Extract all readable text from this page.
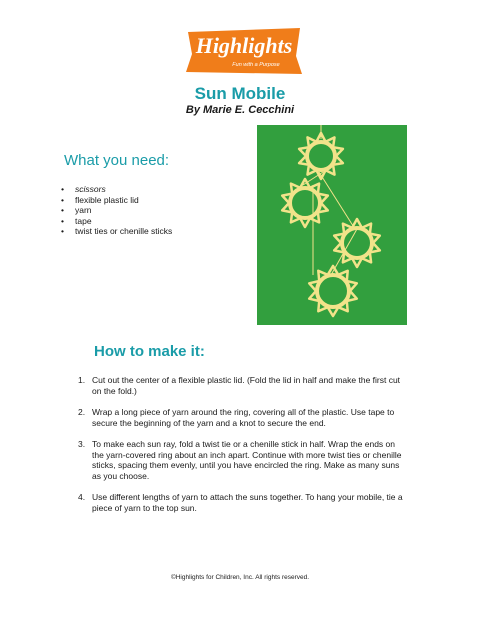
Highlights
Fun with a Purpose
Sun Mobile

By Marie E. Cecchini

What you need:
• scissors
• flexible plastic lid
• yarn
• tape
• twist ties or chenille sticks
How to make it:
1. Cut out the center of a flexible plastic lid. (Fold the lid in half and make the first cut on the fold.)
2. Wrap a long piece of yarn around the ring, covering all of the plastic. Use tape to secure the beginning of the yarn and a knot to secure the end.
3. To make each sun ray, fold a twist tie or a chenille stick in half. Wrap the ends on the yarn-covered ring about an inch apart. Continue with more twist ties or chenille sticks, spacing them evenly, until you have encircled the ring. Make as many suns as you choose.
4. Use different lengths of yarn to attach the suns together. To hang your mobile, tie a piece of yarn to the top sun.

©Highlights for Children, Inc. All rights reserved.
